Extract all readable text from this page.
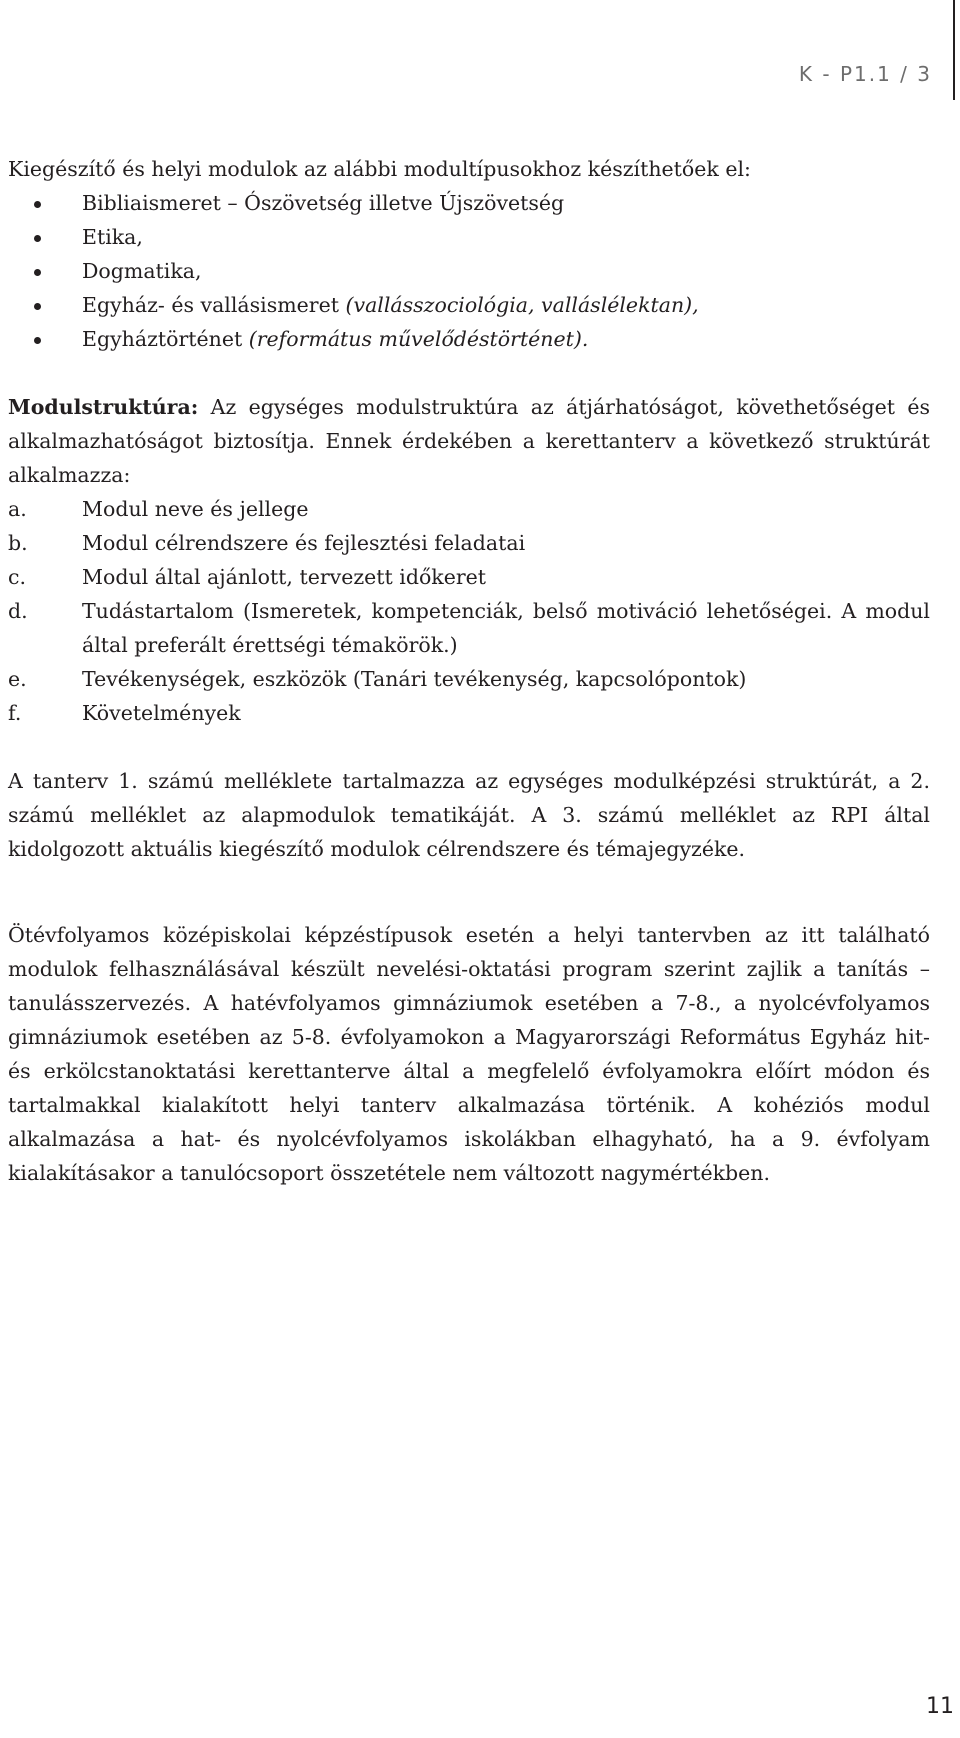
K - P1.1 / 3

Kiegészítő és helyi modulok az alábbi modultípusokhoz készíthetőek el:

Bibliaismeret – Ószövetség illetve Újszövetség
Etika,
Dogmatika,
Egyház- és vallásismeret (vallásszociológia, valláslélektan),
Egyháztörténet (református művelődéstörténet).

Modulstruktúra: Az egységes modulstruktúra az átjárhatóságot, követhetőséget és alkalmazhatóságot biztosítja. Ennek érdekében a kerettanterv a következő struktúrát alkalmazza:

a.	Modul neve és jellege
b.	Modul célrendszere és fejlesztési feladatai
c.	Modul által ajánlott, tervezett időkeret
d.	Tudástartalom (Ismeretek, kompetenciák, belső motiváció lehetőségei. A modul által preferált érettségi témakörök.)
e.	Tevékenységek, eszközök (Tanári tevékenység, kapcsolópontok)
f.	Követelmények

A tanterv 1. számú melléklete tartalmazza az egységes modulképzési struktúrát, a 2. számú melléklet az alapmodulok tematikáját. A 3. számú melléklet az RPI által kidolgozott aktuális kiegészítő modulok célrendszere és témajegyzéke.

Ötévfolyamos középiskolai képzéstípusok esetén a helyi tantervben az itt található modulok felhasználásával készült nevelési-oktatási program szerint zajlik a tanítás – tanulásszervezés. A hatévfolyamos gimnáziumok esetében a 7-8., a nyolcévfolyamos gimnáziumok esetében az 5-8. évfolyamokon a Magyarországi Református Egyház hit- és erkölcstanoktatási kerettanterve által a megfelelő évfolyamokra előírt módon és tartalmakkal kialakított helyi tanterv alkalmazása történik. A kohéziós modul alkalmazása a hat- és nyolcévfolyamos iskolákban elhagyható, ha a 9. évfolyam kialakításakor a tanulócsoport összetétele nem változott nagymértékben.

11
